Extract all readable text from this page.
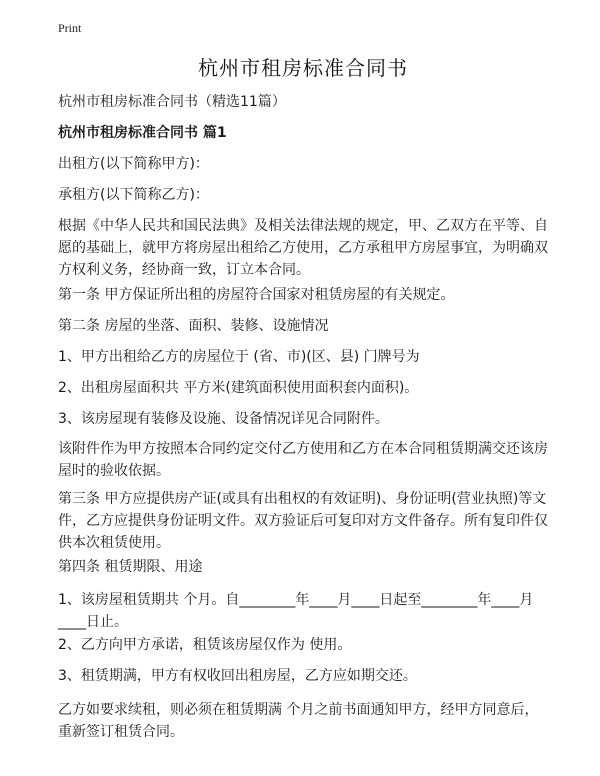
Print
杭州市租房标准合同书
杭州市租房标准合同书（精选11篇）
杭州市租房标准合同书 篇1
出租方(以下简称甲方)：
承租方(以下简称乙方)：
根据《中华人民共和国民法典》及相关法律法规的规定，甲、乙双方在平等、自愿的基础上，就甲方将房屋出租给乙方使用，乙方承租甲方房屋事宜，为明确双方权利义务，经协商一致，订立本合同。
第一条 甲方保证所出租的房屋符合国家对租赁房屋的有关规定。
第二条 房屋的坐落、面积、装修、设施情况
1、甲方出租给乙方的房屋位于 (省、市)(区、县) 门牌号为
2、出租房屋面积共 平方米(建筑面积使用面积套内面积)。
3、该房屋现有装修及设施、设备情况详见合同附件。
该附件作为甲方按照本合同约定交付乙方使用和乙方在本合同租赁期满交还该房屋时的验收依据。
第三条 甲方应提供房产证(或具有出租权的有效证明)、身份证明(营业执照)等文件，乙方应提供身份证明文件。双方验证后可复印对方文件备存。所有复印件仅供本次租赁使用。
第四条 租赁期限、用途
1、该房屋租赁期共 个月。自________年____月____日起至________年____月____日止。
2、乙方向甲方承诺，租赁该房屋仅作为 使用。
3、租赁期满，甲方有权收回出租房屋，乙方应如期交还。
乙方如要求续租，则必须在租赁期满 个月之前书面通知甲方，经甲方同意后，重新签订租赁合同。
